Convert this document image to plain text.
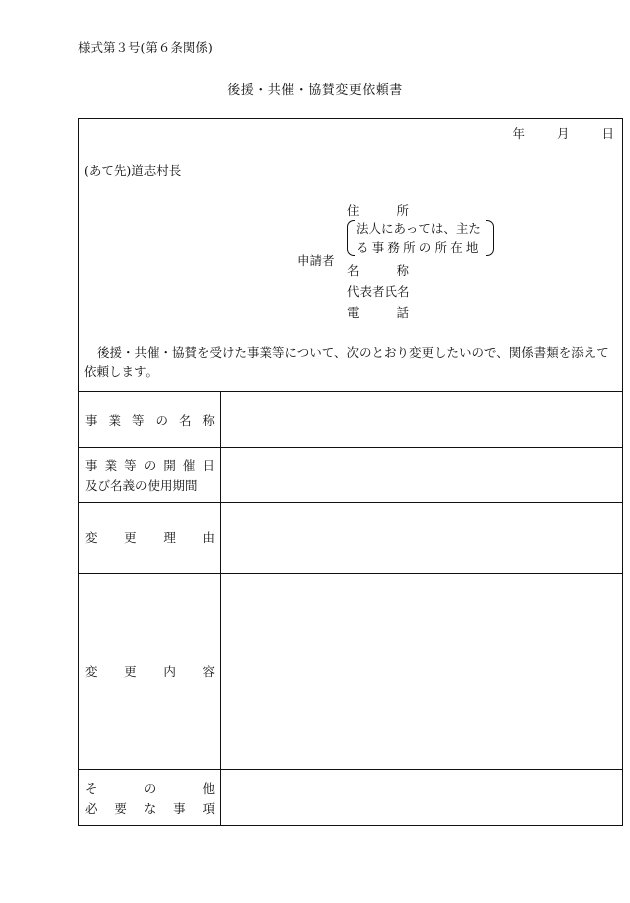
様式第３号(第６条関係)
後援・共催・協賛変更依頼書
年	月	日
(あて先)道志村長
申請者
住	所
法人にあっては、主た
る事務所の所在地
名	称
代表者氏名
電	話
後援・共催・協賛を受けた事業等について、次のとおり変更したいので、関係書類を添えて依頼します。
事 業 等 の 名 称
事 業 等 の 開 催 日
及び名義の使用期間
変 更 理 由
変 更 内 容
そ	の	他
必 要 な 事 項
